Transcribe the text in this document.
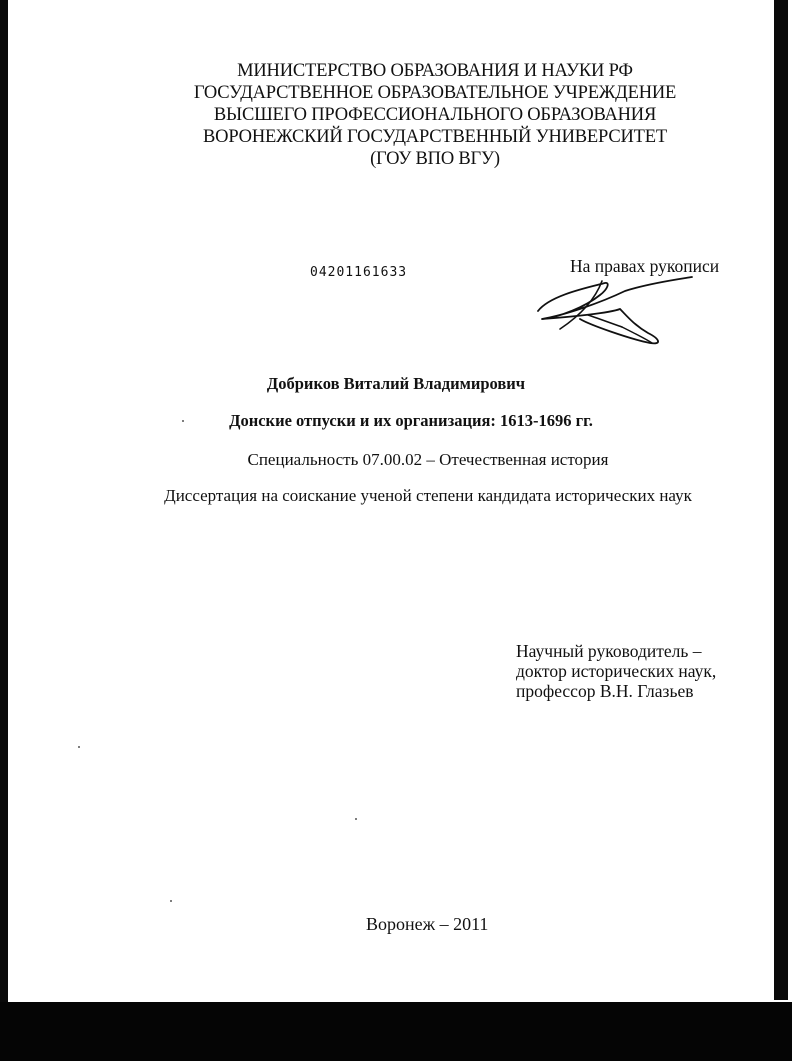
МИНИСТЕРСТВО ОБРАЗОВАНИЯ И НАУКИ РФ
ГОСУДАРСТВЕННОЕ ОБРАЗОВАТЕЛЬНОЕ УЧРЕЖДЕНИЕ
ВЫСШЕГО ПРОФЕССИОНАЛЬНОГО ОБРАЗОВАНИЯ
ВОРОНЕЖСКИЙ ГОСУДАРСТВЕННЫЙ УНИВЕРСИТЕТ
(ГОУ ВПО ВГУ)
04201161633	На правах рукописи
Добриков Виталий Владимирович
Донские отпуски и их организация: 1613-1696 гг.
Специальность 07.00.02 – Отечественная история
Диссертация на соискание ученой степени кандидата исторических наук
Научный руководитель –
доктор исторических наук,
профессор В.Н. Глазьев
Воронеж – 2011
